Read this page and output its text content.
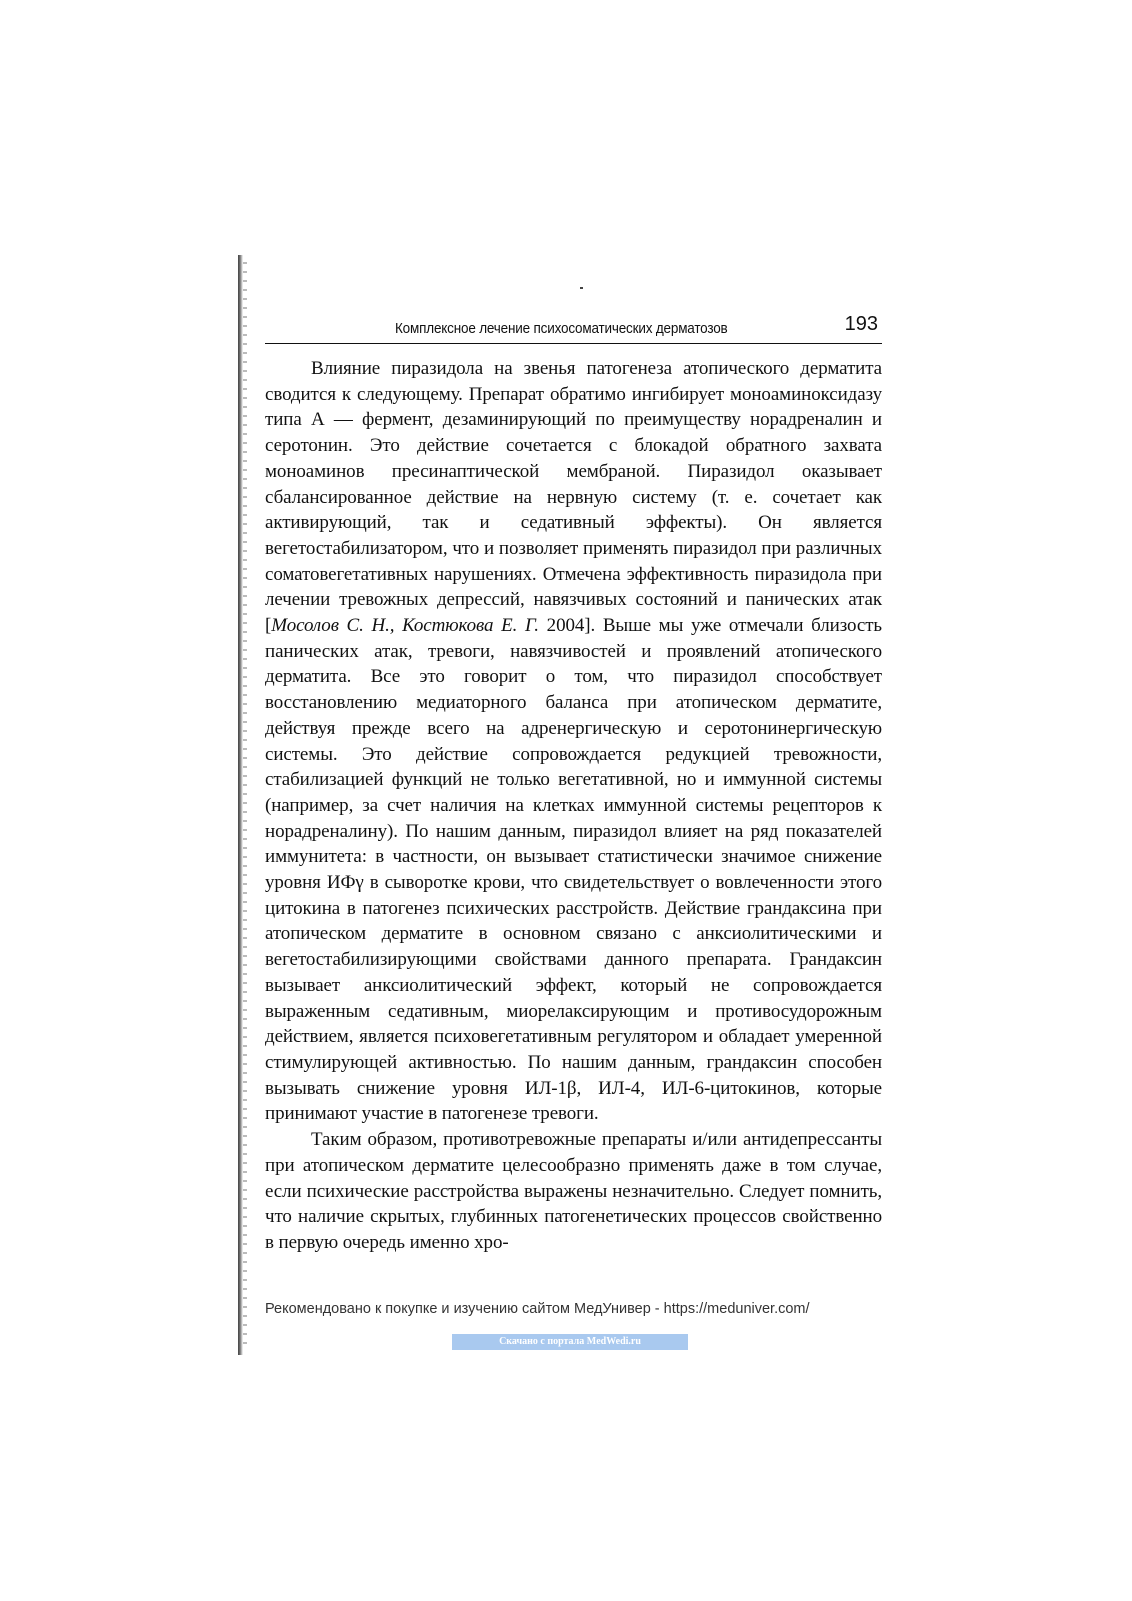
Комплексное лечение психосоматических дерматозов	193

Влияние пиразидола на звенья патогенеза атопического дерматита сводится к следующему. Препарат обратимо ингибирует моноаминоксидазу типа А — фермент, дезаминирующий по преимуществу норадреналин и серотонин. Это действие сочетается с блокадой обратного захвата моноаминов пресинаптической мембраной. Пиразидол оказывает сбалансированное действие на нервную систему (т. е. сочетает как активирующий, так и седативный эффекты). Он является вегетостабилизатором, что и позволяет применять пиразидол при различных соматовегетативных нарушениях. Отмечена эффективность пиразидола при лечении тревожных депрессий, навязчивых состояний и панических атак [Мосолов С. Н., Костюкова Е. Г. 2004]. Выше мы уже отмечали близость панических атак, тревоги, навязчивостей и проявлений атопического дерматита. Все это говорит о том, что пиразидол способствует восстановлению медиаторного баланса при атопическом дерматите, действуя прежде всего на адренергическую и серотонинергическую системы. Это действие сопровождается редукцией тревожности, стабилизацией функций не только вегетативной, но и иммунной системы (например, за счет наличия на клетках иммунной системы рецепторов к норадреналину). По нашим данным, пиразидол влияет на ряд показателей иммунитета: в частности, он вызывает статистически значимое снижение уровня ИФγ в сыворотке крови, что свидетельствует о вовлеченности этого цитокина в патогенез психических расстройств. Действие грандаксина при атопическом дерматите в основном связано с анксиолитическими и вегетостабилизирующими свойствами данного препарата. Грандаксин вызывает анксиолитический эффект, который не сопровождается выраженным седативным, миорелаксирующим и противосудорожным действием, является психовегетативным регулятором и обладает умеренной стимулирующей активностью. По нашим данным, грандаксин способен вызывать снижение уровня ИЛ-1β, ИЛ-4, ИЛ-6-цитокинов, которые принимают участие в патогенезе тревоги.

Таким образом, противотревожные препараты и/или антидепрессанты при атопическом дерматите целесообразно применять даже в том случае, если психические расстройства выражены незначительно. Следует помнить, что наличие скрытых, глубинных патогенетических процессов свойственно в первую очередь именно хро-

Рекомендовано к покупке и изучению сайтом МедУнивер - https://meduniver.com/
Скачано с портала MedWedi.ru
